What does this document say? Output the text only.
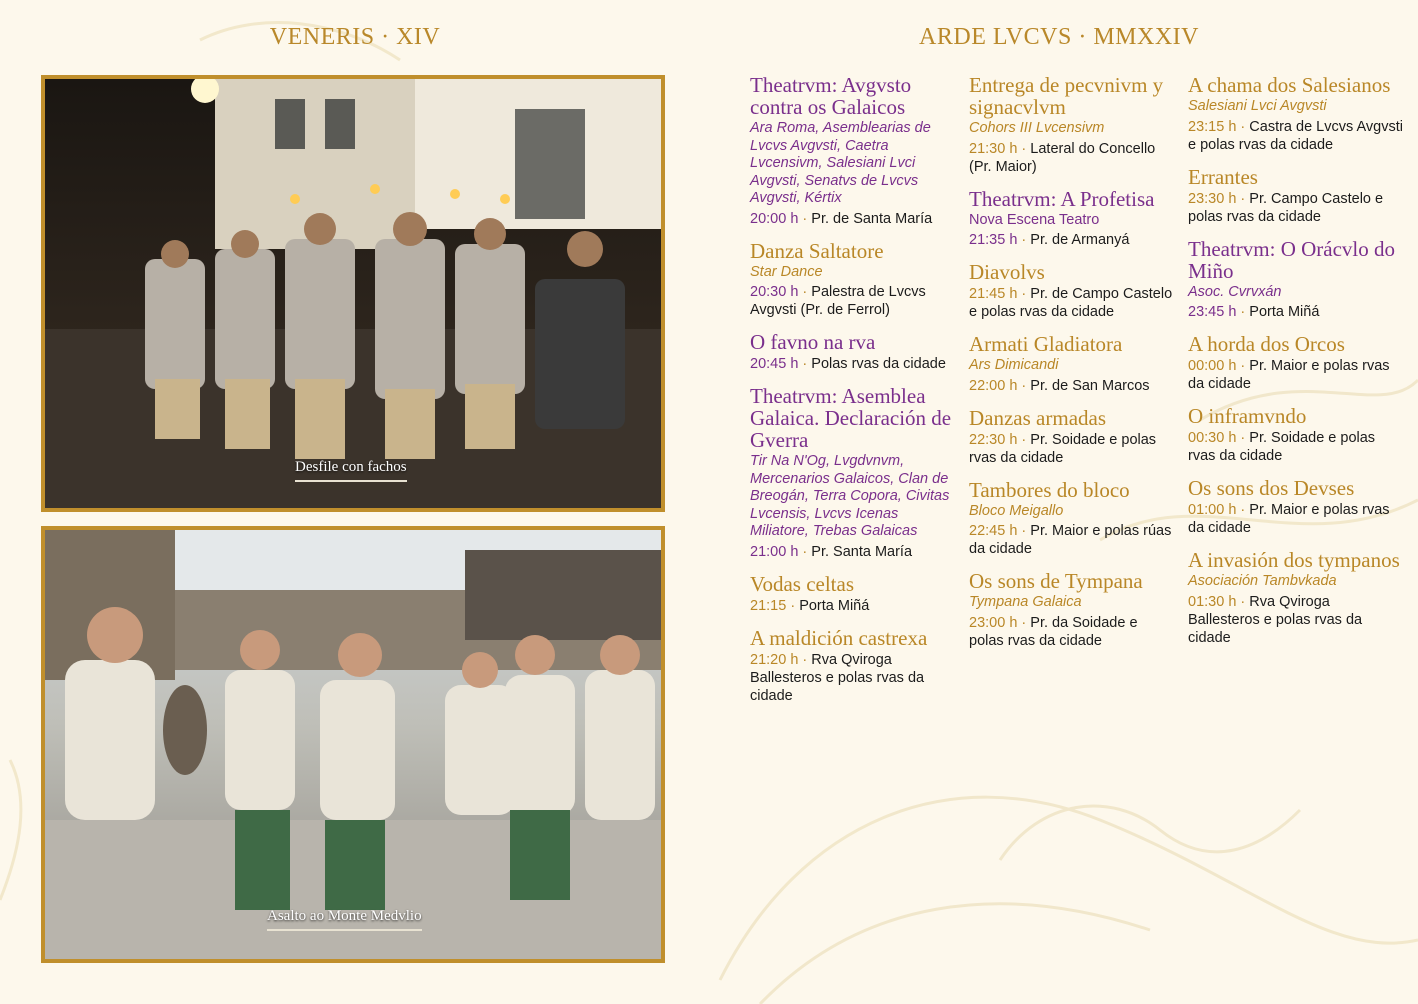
VENERIS · XIV	ARDE LVCVS · MMXXIV
Desfile con fachos
Asalto ao Monte Medvlio
Theatrvm: Avgvsto contra os Galaicos

Ara Roma, Asemblearias de Lvcvs Avgvsti, Caetra Lvcensivm, Salesiani Lvci Avgvsti, Senatvs de Lvcvs Avgvsti, Kértix

20:00 h · Pr. de Santa María
Danza Saltatore

Star Dance

20:30 h · Palestra de Lvcvs Avgvsti (Pr. de Ferrol)
O favno na rva
20:45 h · Polas rvas da cidade
Theatrvm: Asemblea Galaica. Declaración de Gverra

Tir Na N'Og, Lvgdvnvm, Mercenarios Galaicos, Clan de Breogán, Terra Copora, Civitas Lvcensis, Lvcvs Icenas Miliatore, Trebas Galaicas

21:00 h · Pr. Santa María
Vodas celtas
21:15 · Porta Miñá
A maldición castrexa
21:20 h · Rva Qviroga Ballesteros e polas rvas da cidade
Entrega de pecvnivm y signacvlvm

Cohors III Lvcensivm

21:30 h · Lateral do Concello (Pr. Maior)
Theatrvm: A Profetisa

Nova Escena Teatro

21:35 h · Pr. de Armanyá
Diavolvs
21:45 h · Pr. de Campo Castelo e polas rvas da cidade
Armati Gladiatora

Ars Dimicandi

22:00 h · Pr. de San Marcos
Danzas armadas
22:30 h · Pr. Soidade e polas rvas da cidade
Tambores do bloco

Bloco Meigallo

22:45 h · Pr. Maior e polas rúas da cidade
Os sons de Tympana

Tympana Galaica

23:00 h · Pr. da Soidade e polas rvas da cidade
A chama dos Salesianos

Salesiani Lvci Avgvsti

23:15 h · Castra de Lvcvs Avgvsti e polas rvas da cidade
Errantes
23:30 h · Pr. Campo Castelo e polas rvas da cidade
Theatrvm: O Orácvlo do Miño

Asoc. Cvrvxán

23:45 h · Porta Miñá
A horda dos Orcos
00:00 h · Pr. Maior e polas rvas da cidade
O inframvndo
00:30 h · Pr. Soidade e polas rvas da cidade
Os sons dos Devses
01:00 h · Pr. Maior e polas rvas da cidade
A invasión dos tympanos

Asociación Tambvkada

01:30 h · Rva Qviroga Ballesteros e polas rvas da cidade
